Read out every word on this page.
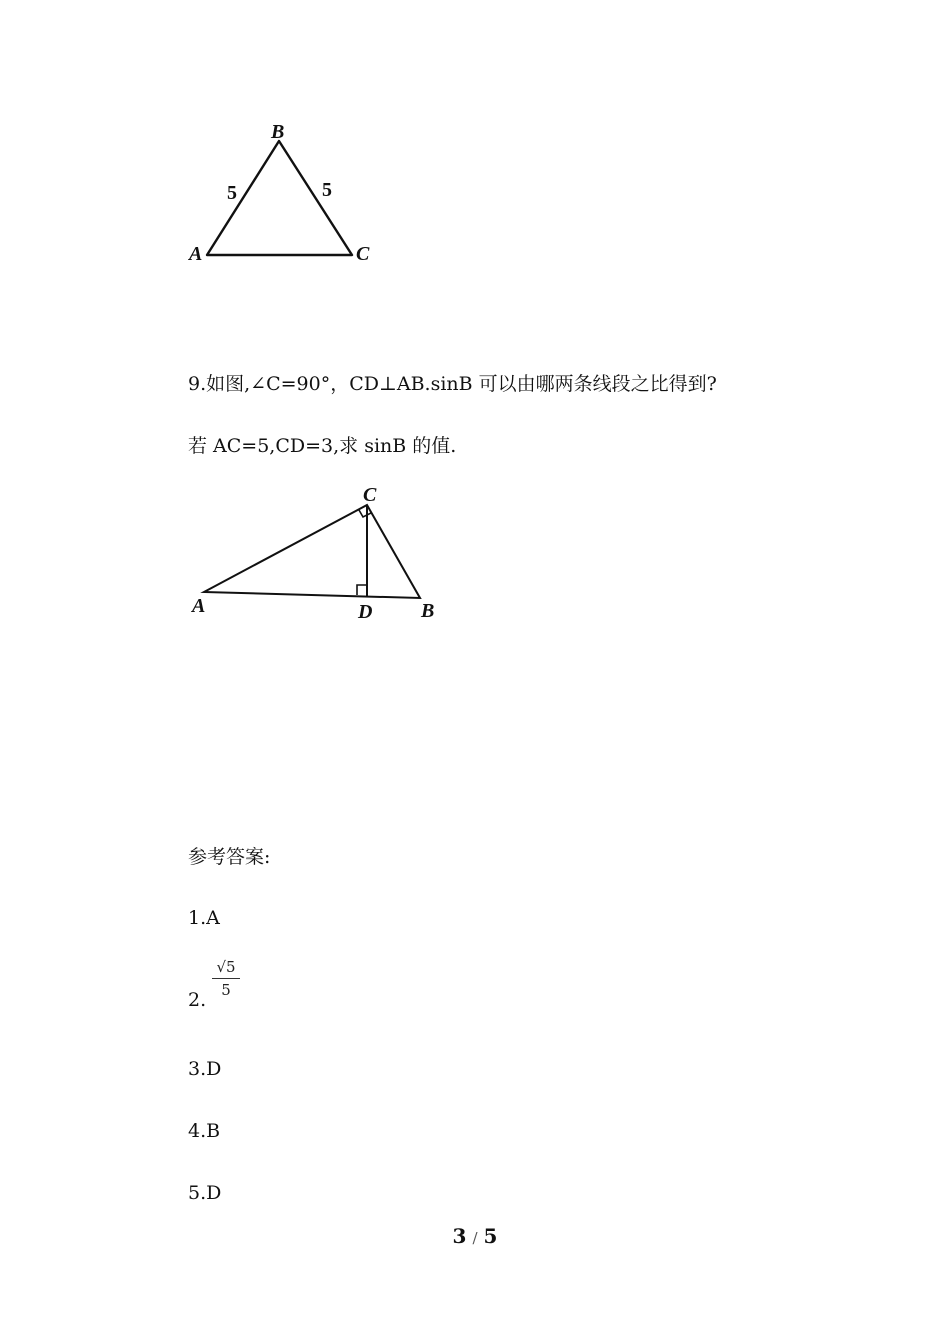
B
A	C
5	5
9.如图,∠C=90°，CD⊥AB.sinB 可以由哪两条线段之比得到?
若 AC=5,CD=3,求 sinB 的值.
C
A	D B
参考答案:
1.A
2.
$\frac{√5}{5}$
3.D
4.B
5.D
3 / 5
